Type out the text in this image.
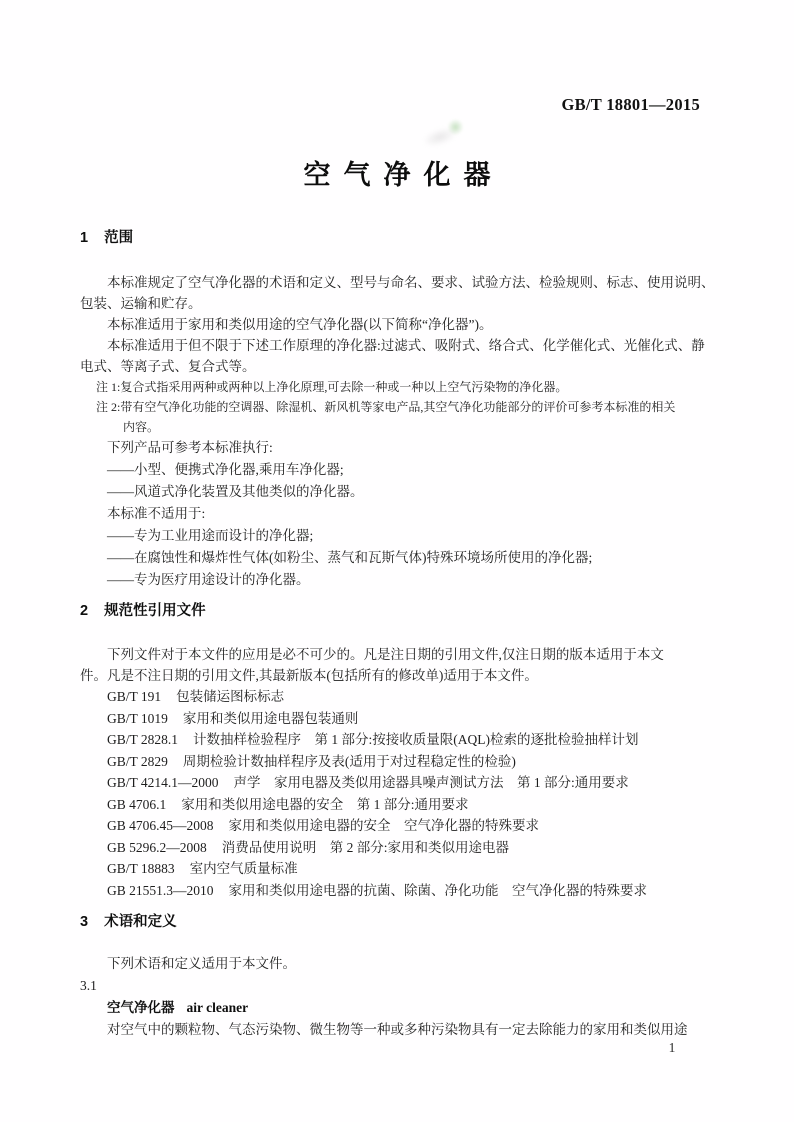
GB/T 18801—2015
空气净化器
1 范围
本标准规定了空气净化器的术语和定义、型号与命名、要求、试验方法、检验规则、标志、使用说明、
包装、运输和贮存。
本标准适用于家用和类似用途的空气净化器(以下简称“净化器”)。
本标准适用于但不限于下述工作原理的净化器:过滤式、吸附式、络合式、化学催化式、光催化式、静
电式、等离子式、复合式等。
注 1:复合式指采用两种或两种以上净化原理,可去除一种或一种以上空气污染物的净化器。
注 2:带有空气净化功能的空调器、除湿机、新风机等家电产品,其空气净化功能部分的评价可参考本标准的相关
内容。
下列产品可参考本标准执行:
——小型、便携式净化器,乘用车净化器;
——风道式净化装置及其他类似的净化器。
本标准不适用于:
——专为工业用途而设计的净化器;
——在腐蚀性和爆炸性气体(如粉尘、蒸气和瓦斯气体)特殊环境场所使用的净化器;
——专为医疗用途设计的净化器。
2 规范性引用文件
下列文件对于本文件的应用是必不可少的。凡是注日期的引用文件,仅注日期的版本适用于本文
件。凡是不注日期的引用文件,其最新版本(包括所有的修改单)适用于本文件。
GB/T 191 包装储运图标标志
GB/T 1019 家用和类似用途电器包装通则
GB/T 2828.1 计数抽样检验程序　第 1 部分:按接收质量限(AQL)检索的逐批检验抽样计划
GB/T 2829 周期检验计数抽样程序及表(适用于对过程稳定性的检验)
GB/T 4214.1—2000 声学　家用电器及类似用途器具噪声测试方法　第 1 部分:通用要求
GB 4706.1 家用和类似用途电器的安全　第 1 部分:通用要求
GB 4706.45—2008 家用和类似用途电器的安全　空气净化器的特殊要求
GB 5296.2—2008 消费品使用说明　第 2 部分:家用和类似用途电器
GB/T 18883 室内空气质量标准
GB 21551.3—2010 家用和类似用途电器的抗菌、除菌、净化功能　空气净化器的特殊要求
3 术语和定义
下列术语和定义适用于本文件。
3.1
空气净化器 air cleaner
对空气中的颗粒物、气态污染物、微生物等一种或多种污染物具有一定去除能力的家用和类似用途
1
